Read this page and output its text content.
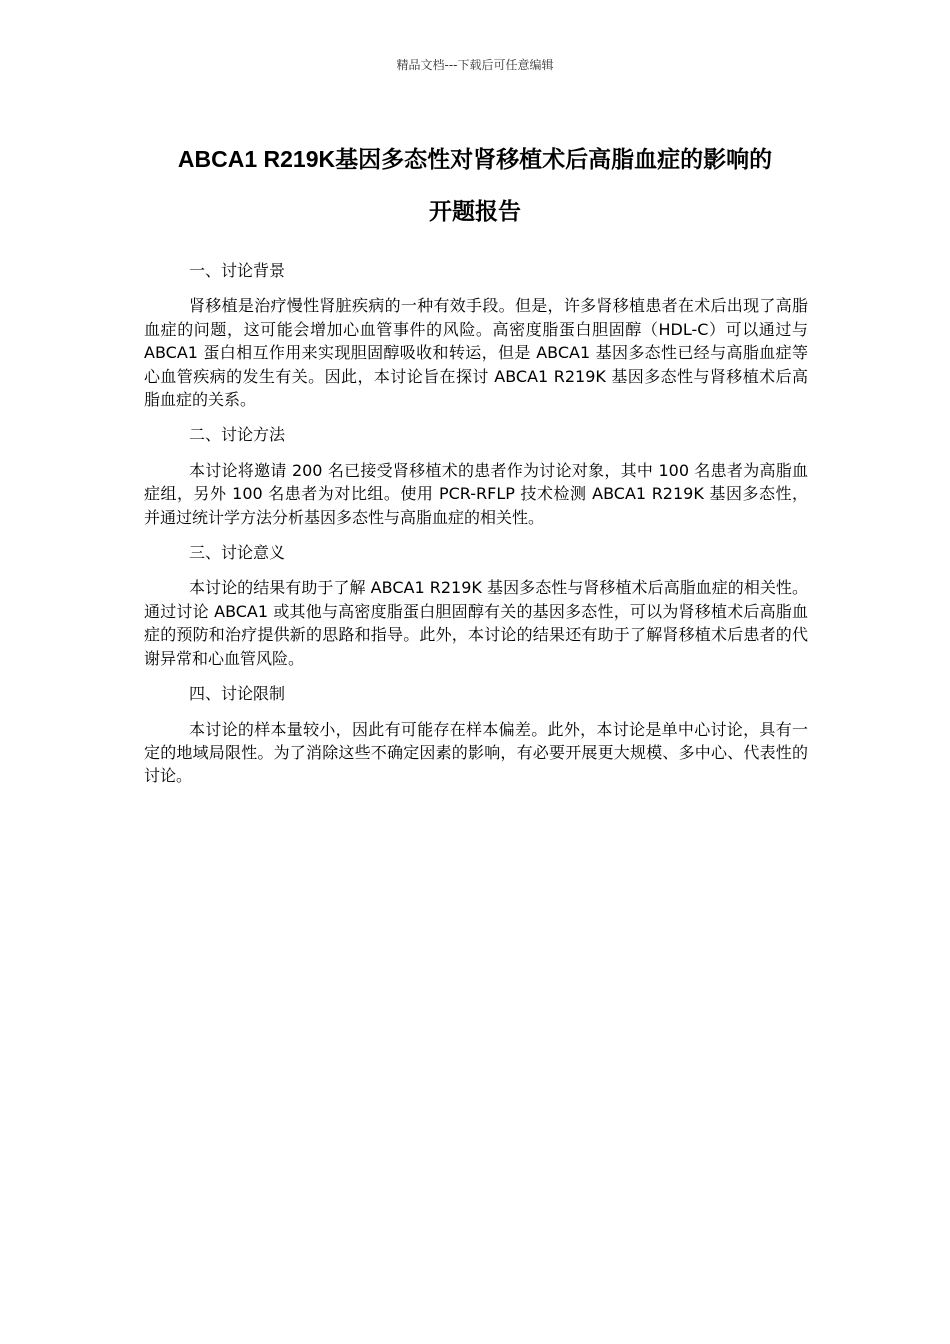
精品文档---下载后可任意编辑
ABCA1 R219K基因多态性对肾移植术后高脂血症的影响的
开题报告

一、讨论背景

肾移植是治疗慢性肾脏疾病的一种有效手段。但是，许多肾移植患者在术后出现了高脂血症的问题，这可能会增加心血管事件的风险。高密度脂蛋白胆固醇（HDL-C）可以通过与 ABCA1 蛋白相互作用来实现胆固醇吸收和转运，但是 ABCA1 基因多态性已经与高脂血症等心血管疾病的发生有关。因此，本讨论旨在探讨 ABCA1 R219K 基因多态性与肾移植术后高脂血症的关系。

二、讨论方法

本讨论将邀请 200 名已接受肾移植术的患者作为讨论对象，其中 100 名患者为高脂血症组，另外 100 名患者为对比组。使用 PCR-RFLP 技术检测 ABCA1 R219K 基因多态性，并通过统计学方法分析基因多态性与高脂血症的相关性。

三、讨论意义

本讨论的结果有助于了解 ABCA1 R219K 基因多态性与肾移植术后高脂血症的相关性。通过讨论 ABCA1 或其他与高密度脂蛋白胆固醇有关的基因多态性，可以为肾移植术后高脂血症的预防和治疗提供新的思路和指导。此外，本讨论的结果还有助于了解肾移植术后患者的代谢异常和心血管风险。

四、讨论限制

本讨论的样本量较小，因此有可能存在样本偏差。此外，本讨论是单中心讨论，具有一定的地域局限性。为了消除这些不确定因素的影响，有必要开展更大规模、多中心、代表性的讨论。
